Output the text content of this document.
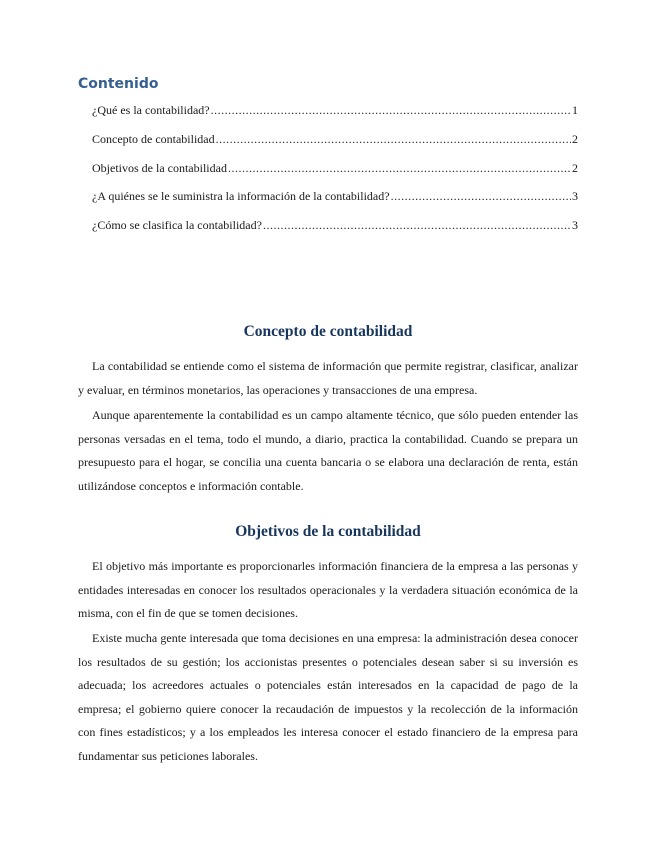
Contenido
¿Qué es la contabilidad? .....	1
Concepto de contabilidad .....	2
Objetivos de la contabilidad .....	2
¿A quiénes se le suministra la información de la contabilidad? .....	3
¿Cómo se clasifica la contabilidad? .....	3
Concepto de contabilidad

La contabilidad se entiende como el sistema de información que permite registrar, clasificar, analizar y evaluar, en términos monetarios, las operaciones y transacciones de una empresa.

Aunque aparentemente la contabilidad es un campo altamente técnico, que sólo pueden entender las personas versadas en el tema, todo el mundo, a diario, practica la contabilidad. Cuando se prepara un presupuesto para el hogar, se concilia una cuenta bancaria o se elabora una declaración de renta, están utilizándose conceptos e información contable.

Objetivos de la contabilidad

El objetivo más importante es proporcionarles información financiera de la empresa a las personas y entidades interesadas en conocer los resultados operacionales y la verdadera situación económica de la misma, con el fin de que se tomen decisiones.

Existe mucha gente interesada que toma decisiones en una empresa: la administración desea conocer los resultados de su gestión; los accionistas presentes o potenciales desean saber si su inversión es adecuada; los acreedores actuales o potenciales están interesados en la capacidad de pago de la empresa; el gobierno quiere conocer la recaudación de impuestos y la recolección de la información con fines estadísticos; y a los empleados les interesa conocer el estado financiero de la empresa para fundamentar sus peticiones laborales.
